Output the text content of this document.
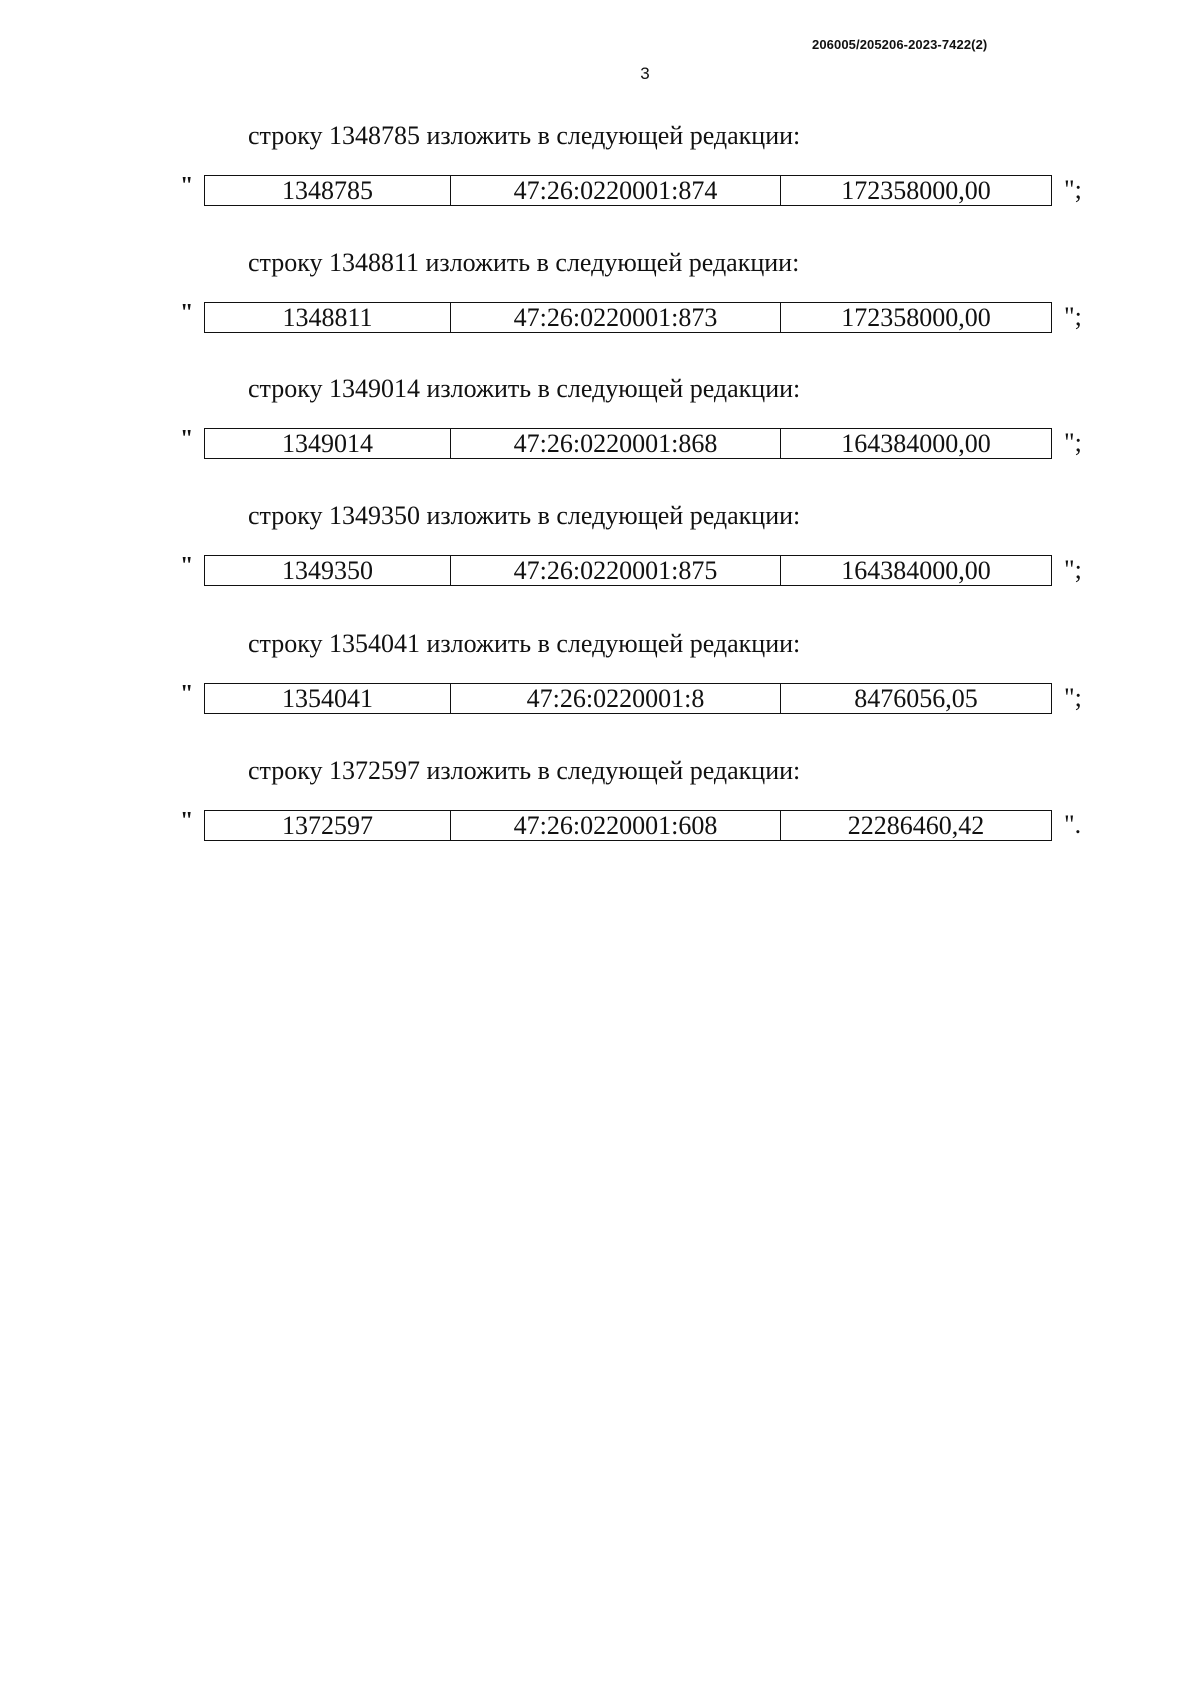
206005/205206-2023-7422(2)
3
строку 1348785 изложить в следующей редакции:
"	1348785	47:26:0220001:874	172358000,00	";
строку 1348811 изложить в следующей редакции:
"	1348811	47:26:0220001:873	172358000,00	";
строку 1349014 изложить в следующей редакции:
"	1349014	47:26:0220001:868	164384000,00	";
строку 1349350 изложить в следующей редакции:
"	1349350	47:26:0220001:875	164384000,00	";
строку 1354041 изложить в следующей редакции:
"	1354041	47:26:0220001:8	8476056,05	";
строку 1372597 изложить в следующей редакции:
"	1372597	47:26:0220001:608	22286460,42	".
